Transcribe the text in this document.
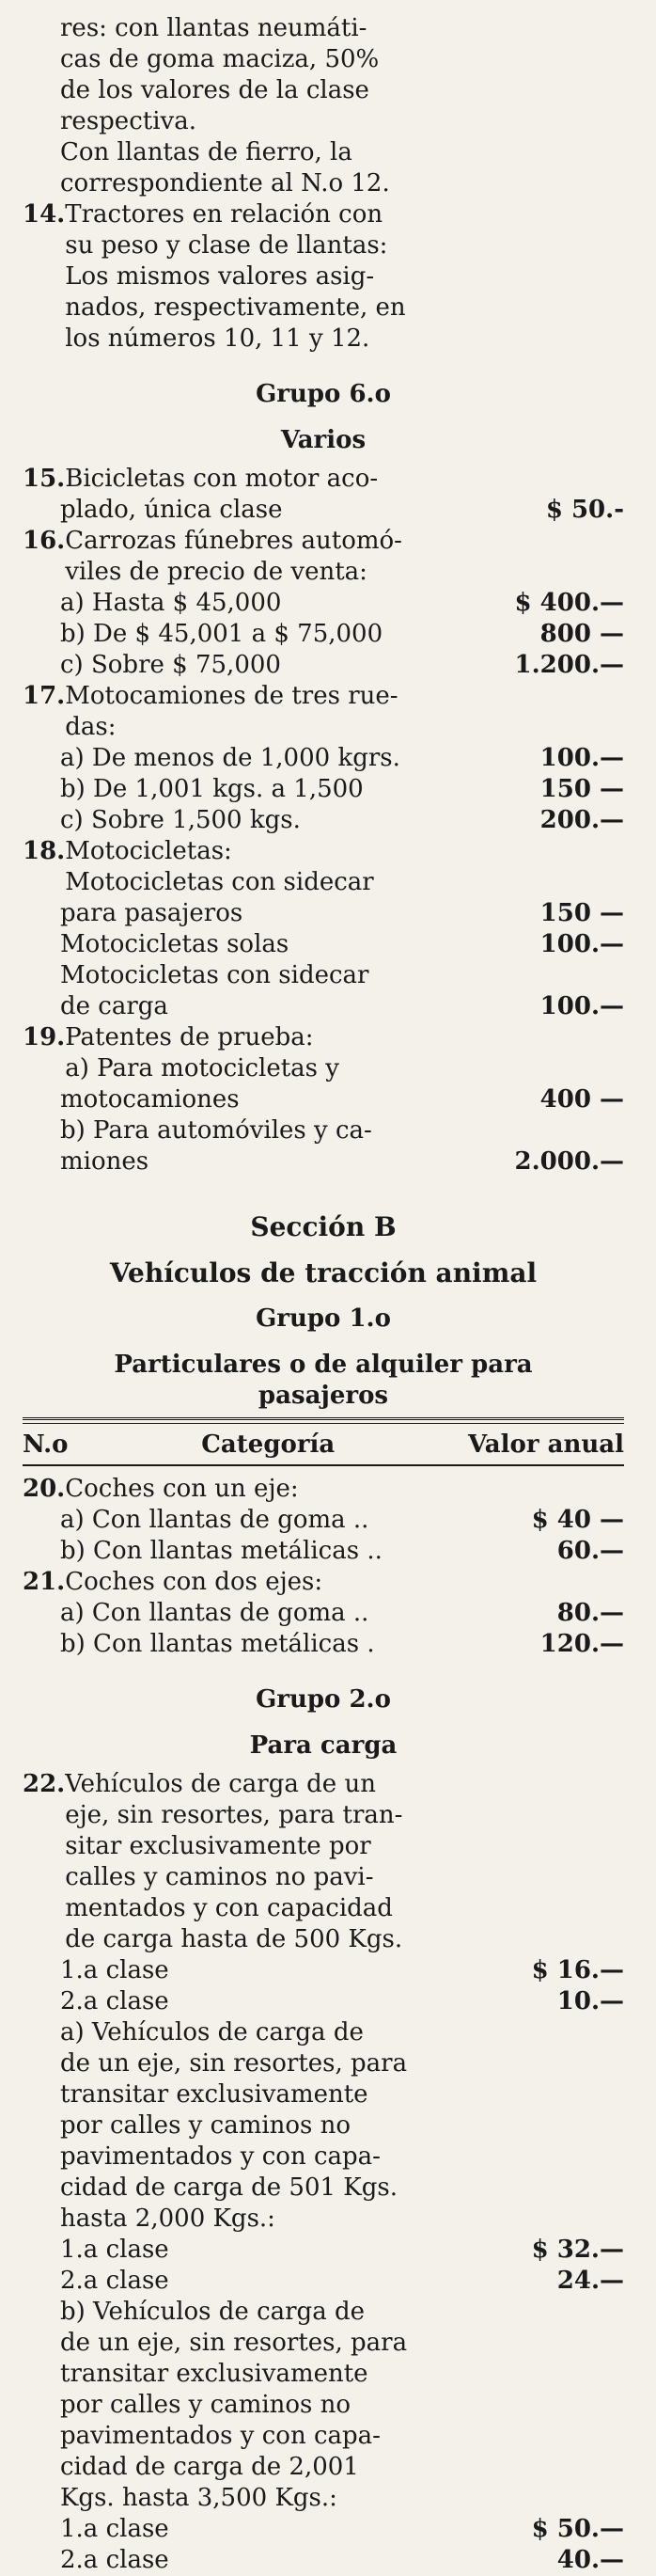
res: con llantas neumáti-
cas de goma maciza, 50%
de los valores de la clase
respectiva.
Con llantas de fierro, la
correspondiente al N.o 12.
14. Tractores en relación con
su peso y clase de llantas:
Los mismos valores asig-
nados, respectivamente, en
los números 10, 11 y 12.
Grupo 6.o
Varios
15. Bicicletas con motor aco-
plado, única clase	$ 50.-
16. Carrozas fúnebres automó-
viles de precio de venta:
a) Hasta $ 45,000	$ 400.—
b) De $ 45,001 a $ 75,000	800 —
c) Sobre $ 75,000	1.200.—
17. Motocamiones de tres rue-
das:
a) De menos de 1,000 kgrs.	100.—
b) De 1,001 kgs. a 1,500	150 —
c) Sobre 1,500 kgs.	200.—
18. Motocicletas:
Motocicletas con sidecar
para pasajeros	150 —
Motocicletas solas	100.—
Motocicletas con sidecar
de carga	100.—
19. Patentes de prueba:
a) Para motocicletas y
motocamiones	400 —
b) Para automóviles y ca-
miones	2.000.—
Sección B
Vehículos de tracción animal
Grupo 1.o
Particulares o de alquiler para
pasajeros
N.o	Categoría	Valor anual
20. Coches con un eje:
a) Con llantas de goma ..	$ 40 —
b) Con llantas metálicas ..	60.—
21. Coches con dos ejes:
a) Con llantas de goma ..	80.—
b) Con llantas metálicas .	120.—
Grupo 2.o
Para carga
22. Vehículos de carga de un
eje, sin resortes, para tran-
sitar exclusivamente por
calles y caminos no pavi-
mentados y con capacidad
de carga hasta de 500 Kgs.
1.a clase	$ 16.—
2.a clase	10.—
a) Vehículos de carga de
de un eje, sin resortes, para
transitar exclusivamente
por calles y caminos no
pavimentados y con capa-
cidad de carga de 501 Kgs.
hasta 2,000 Kgs.:
1.a clase	$ 32.—
2.a clase	24.—
b) Vehículos de carga de
de un eje, sin resortes, para
transitar exclusivamente
por calles y caminos no
pavimentados y con capa-
cidad de carga de 2,001
Kgs. hasta 3,500 Kgs.:
1.a clase	$ 50.—
2.a clase	40.—
